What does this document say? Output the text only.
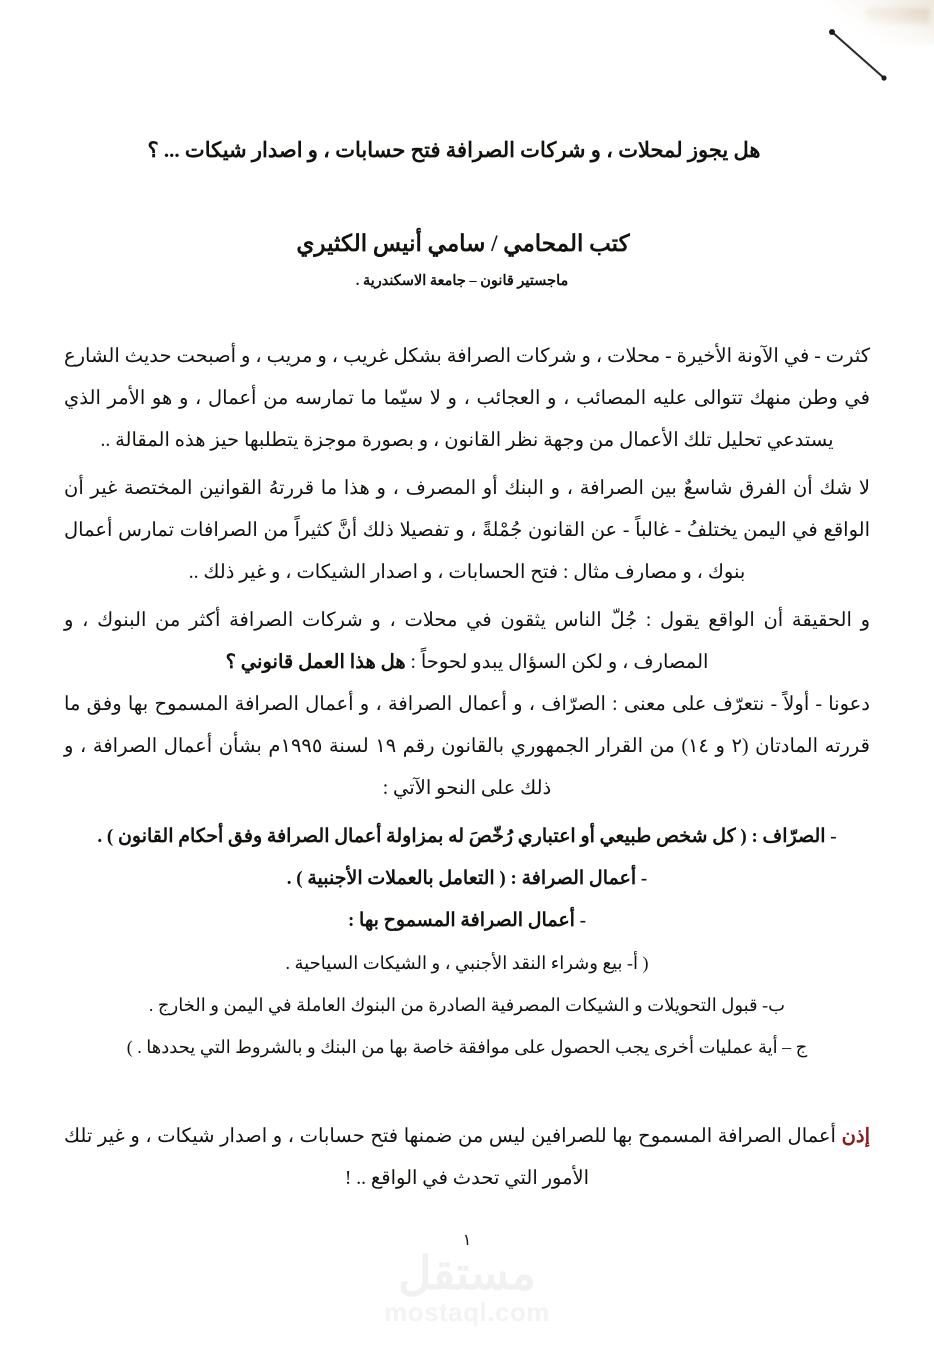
هل يجوز لمحلات ، و شركات الصرافة فتح حسابات ، و اصدار شيكات ... ؟

كتب المحامي / سامي أنيس الكثيري

ماجستير قانون – جامعة الاسكندرية .

كثرت - في الآونة الأخيرة - محلات ، و شركات الصرافة بشكل غريب ، و مريب ، و أصبحت حديث الشارع في وطن منهك تتوالى عليه المصائب ، و العجائب ، و لا سيّما ما تمارسه من أعمال ، و هو الأمر الذي يستدعي تحليل تلك الأعمال من وجهة نظر القانون ، و بصورة موجزة يتطلبها حيز هذه المقالة ..

لا شك أن الفرق شاسعٌ بين الصرافة ، و البنك أو المصرف ، و هذا ما قررتهُ القوانين المختصة غير أن الواقع في اليمن يختلفُ - غالباً - عن القانون جُمْلةً ، و تفصيلا ذلك أنَّ كثيراً من الصرافات تمارس أعمال بنوك ، و مصارف مثال : فتح الحسابات ، و اصدار الشيكات ، و غير ذلك ..

و الحقيقة أن الواقع يقول : جُلّ الناس يثقون في محلات ، و شركات الصرافة أكثر من البنوك ، و المصارف ، و لكن السؤال يبدو لحوحاً : هل هذا العمل قانوني ؟

دعونا - أولاً - نتعرّف على معنى : الصرّاف ، و أعمال الصرافة ، و أعمال الصرافة المسموح بها وفق ما قررته المادتان (٢ و ١٤) من القرار الجمهوري بالقانون رقم ١٩ لسنة ١٩٩٥م بشأن أعمال الصرافة ، و ذلك على النحو الآتي :

- الصرّاف : ( كل شخص طبيعي أو اعتباري رُخّصَ له بمزاولة أعمال الصرافة وفق أحكام القانون ) .

- أعمال الصرافة : ( التعامل بالعملات الأجنبية ) .

- أعمال الصرافة المسموح بها :

( أ- بيع وشراء النقد الأجنبي ، و الشيكات السياحية .

ب- قبول التحويلات و الشيكات المصرفية الصادرة من البنوك العاملة في اليمن و الخارج .

ج – أية عمليات أخرى يجب الحصول على موافقة خاصة بها من البنك و بالشروط التي يحددها . )

إذن أعمال الصرافة المسموح بها للصرافين ليس من ضمنها فتح حسابات ، و اصدار شيكات ، و غير تلك الأمور التي تحدث في الواقع .. !

١
مستقل
mostaql.com
